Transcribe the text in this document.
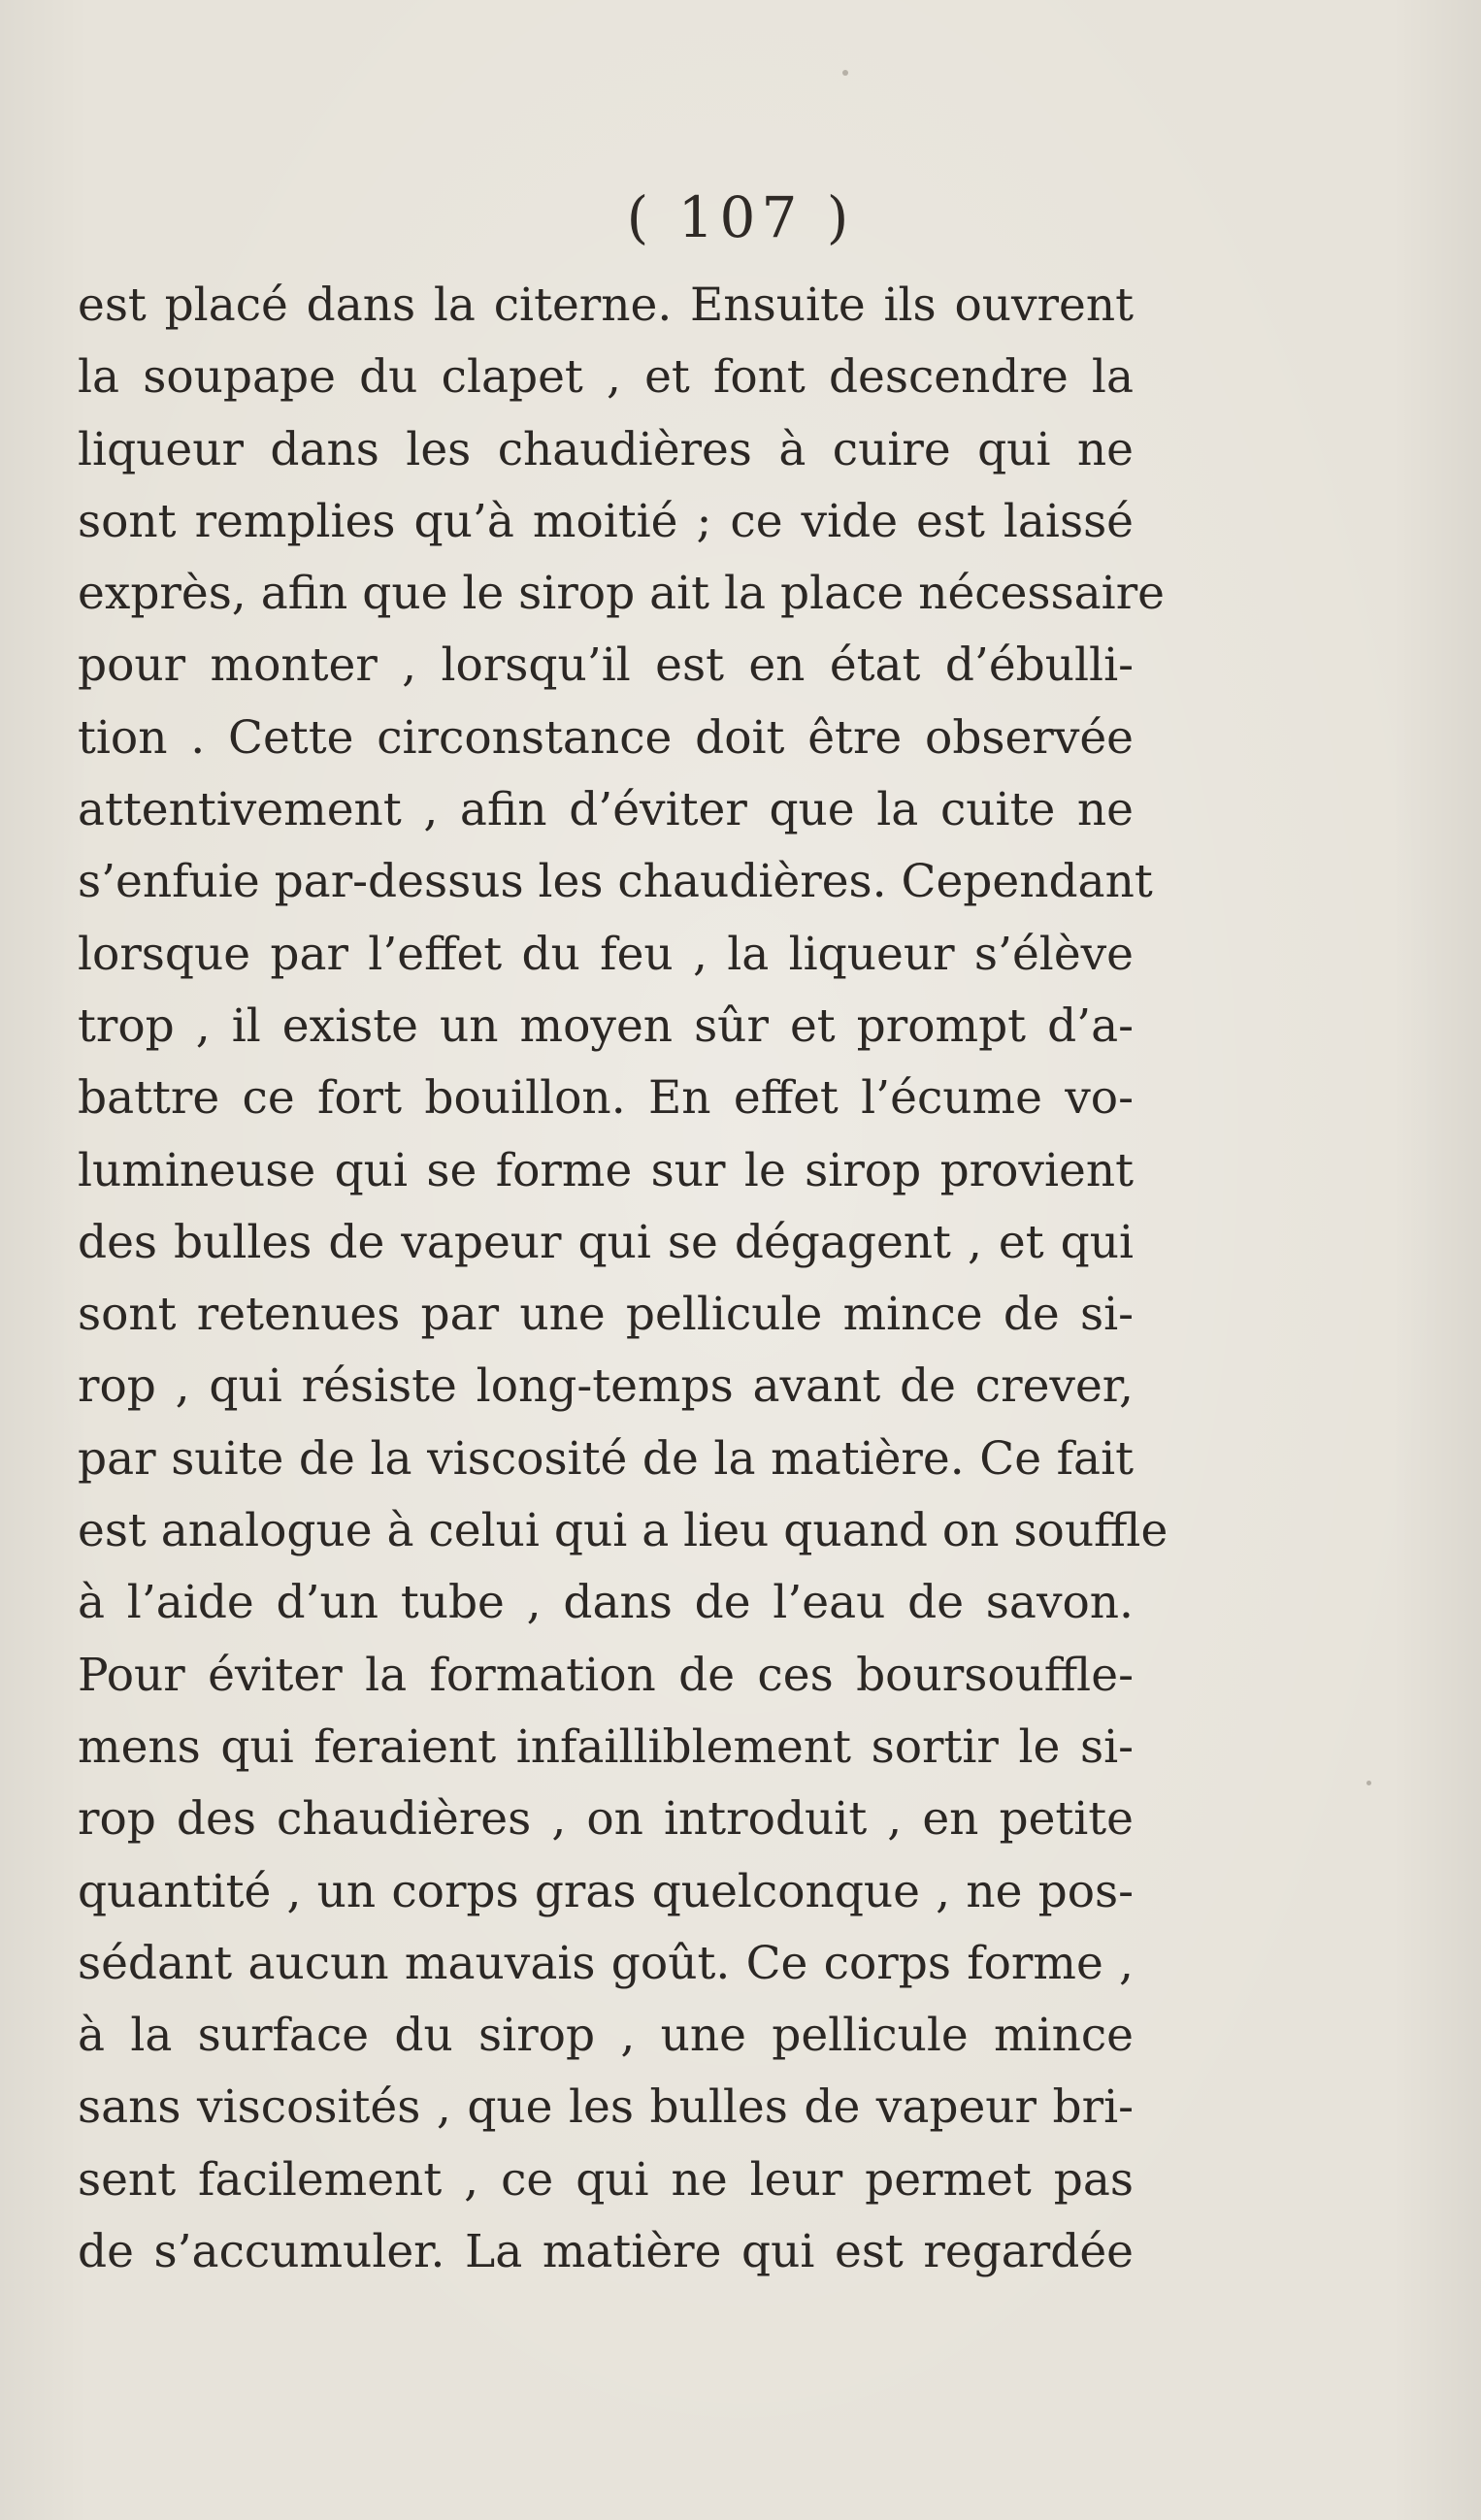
( 107 )
est placé dans la citerne. Ensuite ils ouvrent
la soupape du clapet , et font descendre la
liqueur dans les chaudières à cuire qui ne
sont remplies qu’à moitié ; ce vide est laissé
exprès, afin que le sirop ait la place nécessaire
pour monter , lorsqu’il est en état d’ébulli-
tion . Cette circonstance doit être observée
attentivement , afin d’éviter que la cuite ne
s’enfuie par-dessus les chaudières. Cependant
lorsque par l’effet du feu , la liqueur s’élève
trop , il existe un moyen sûr et prompt d’a-
battre ce fort bouillon. En effet l’écume vo-
lumineuse qui se forme sur le sirop provient
des bulles de vapeur qui se dégagent , et qui
sont retenues par une pellicule mince de si-
rop , qui résiste long-temps avant de crever,
par suite de la viscosité de la matière. Ce fait
est analogue à celui qui a lieu quand on souffle
à l’aide d’un tube , dans de l’eau de savon.
Pour éviter la formation de ces boursouffle-
mens qui feraient infailliblement sortir le si-
rop des chaudières , on introduit , en petite
quantité , un corps gras quelconque , ne pos-
sédant aucun mauvais goût. Ce corps forme ,
à la surface du sirop , une pellicule mince
sans viscosités , que les bulles de vapeur bri-
sent facilement , ce qui ne leur permet pas
de s’accumuler. La matière qui est regardée
